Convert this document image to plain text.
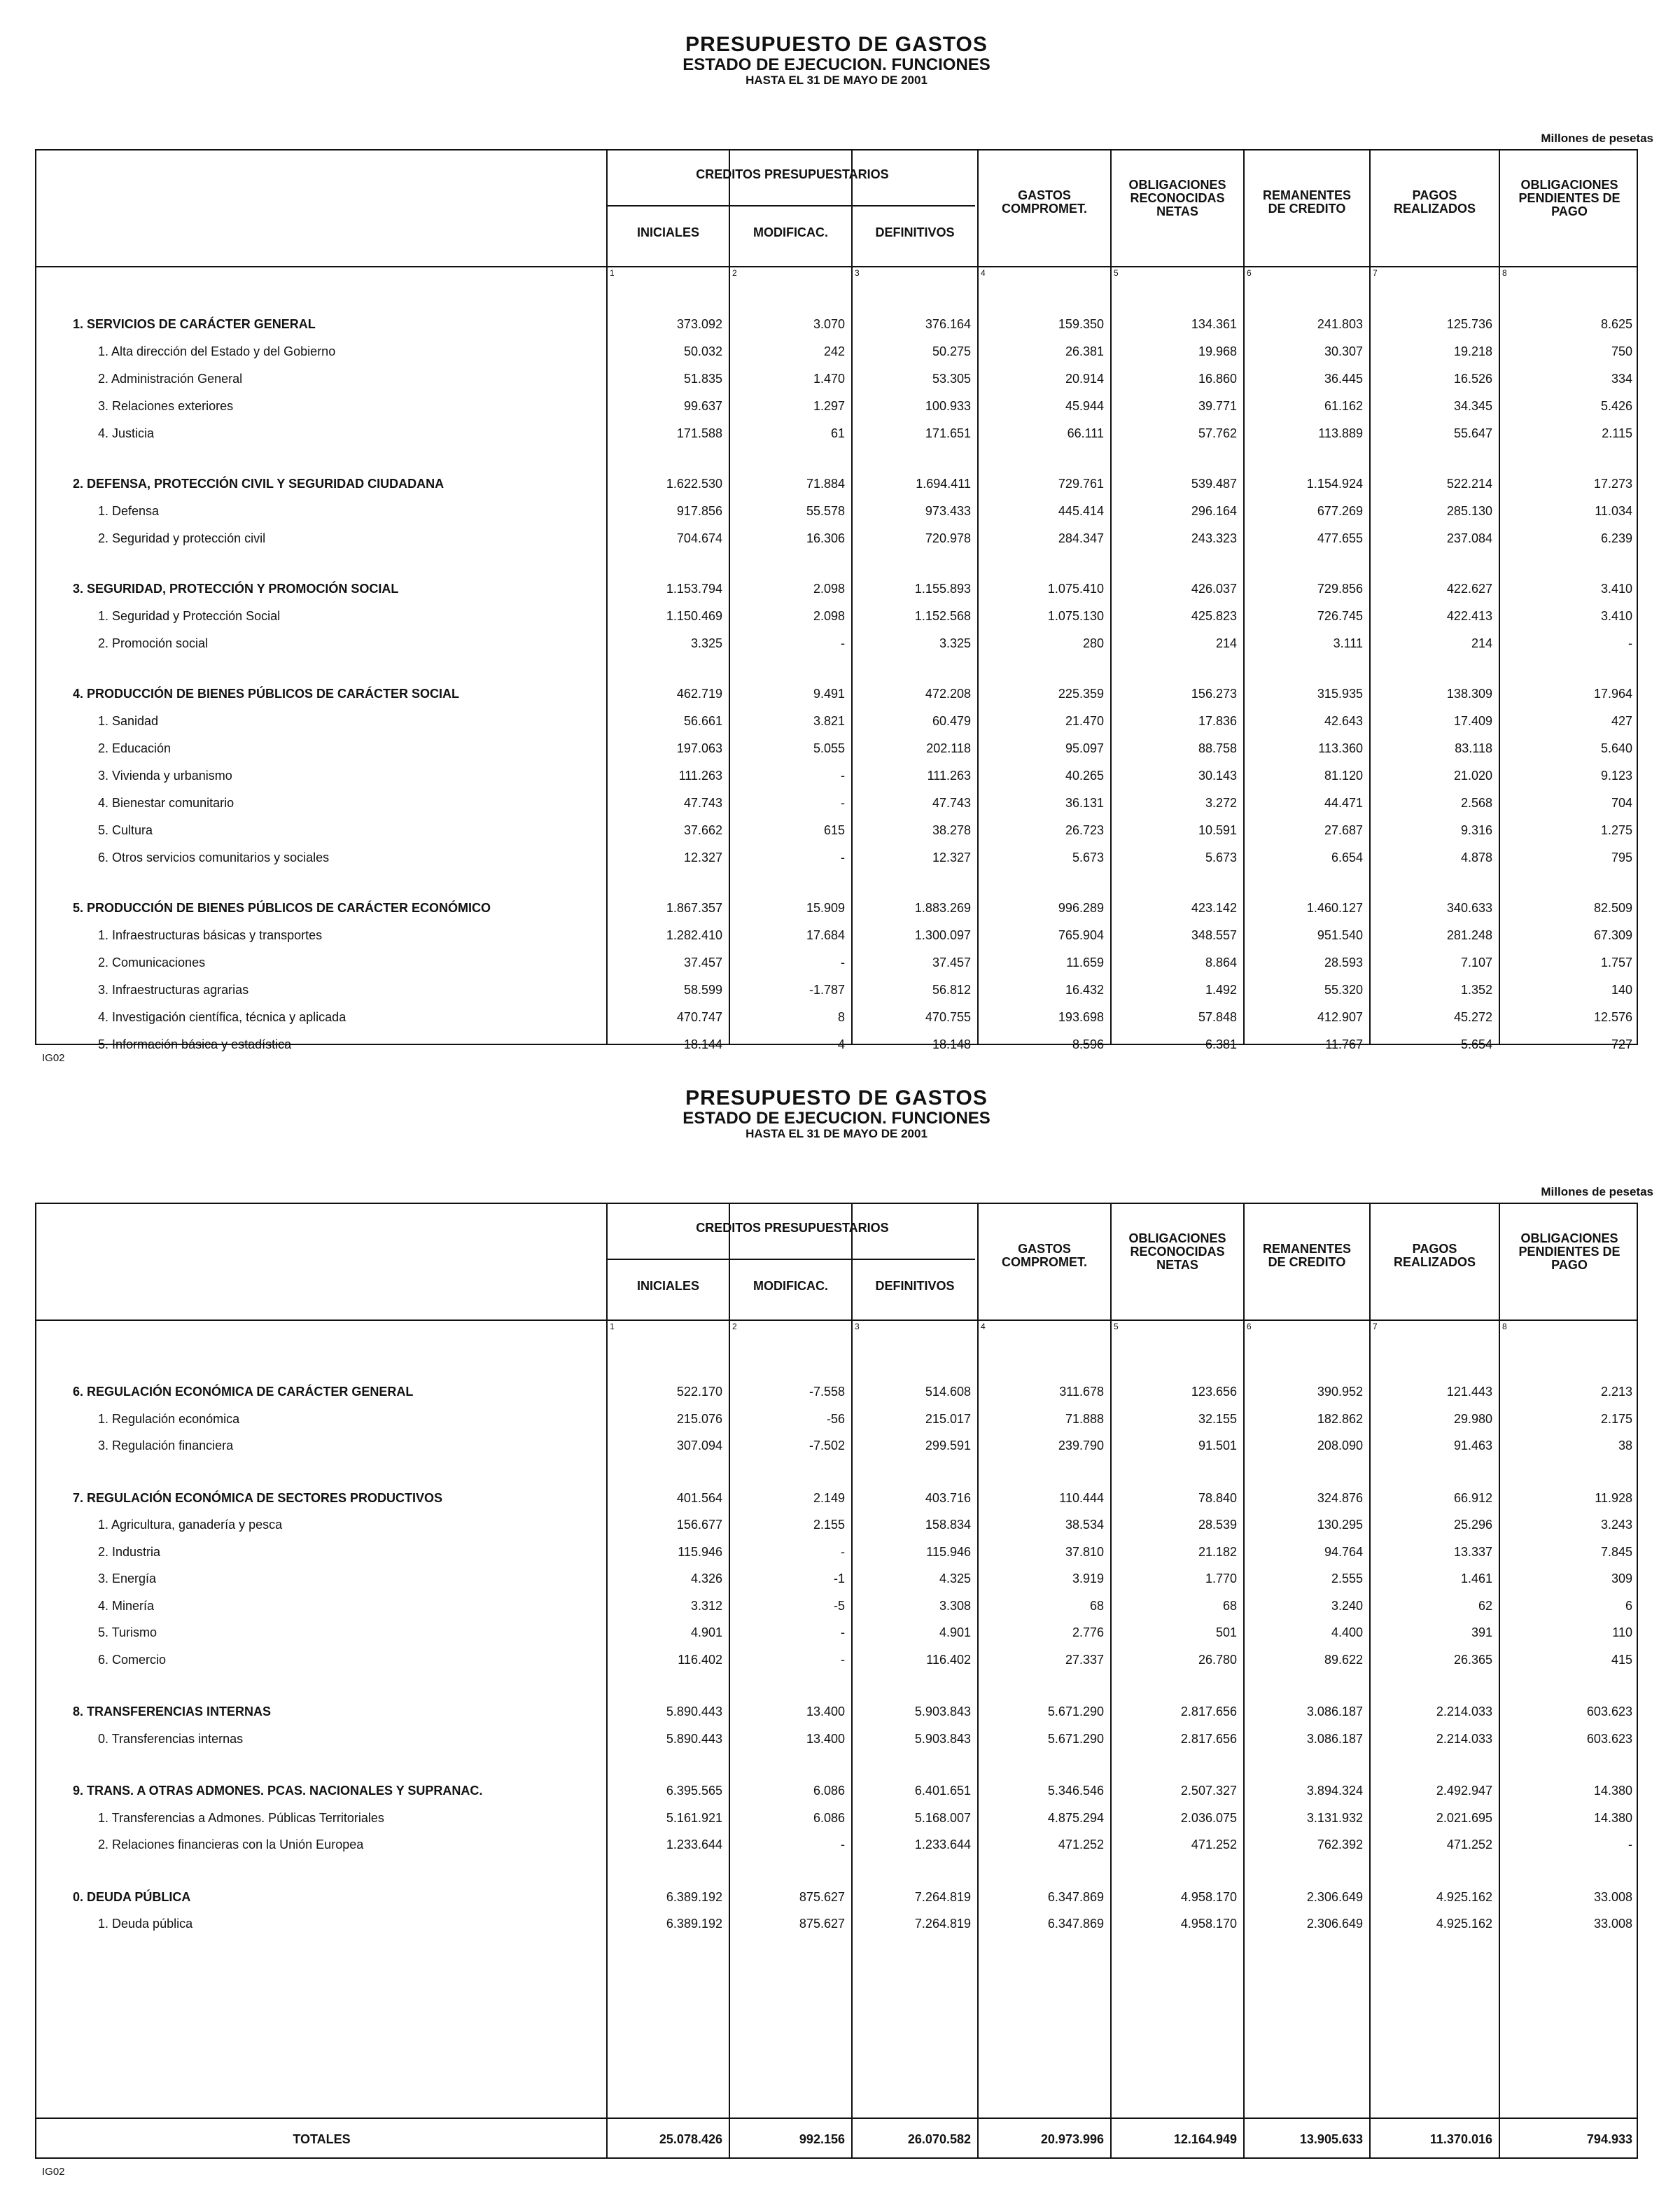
PRESUPUESTO DE GASTOS
ESTADO DE EJECUCION. FUNCIONES
HASTA EL 31 DE MAYO DE 2001
Millones de pesetas
CREDITOS PRESUPUESTARIOS
INICIALES	MODIFICAC.	DEFINITIVOS
GASTOS
COMPROMET.
OBLIGACIONES
RECONOCIDAS
NETAS
REMANENTES
DE CREDITO
PAGOS
REALIZADOS
OBLIGACIONES
PENDIENTES DE
PAGO
1	2	3	4	5	6	7	8
1. SERVICIOS DE CARÁCTER GENERAL	373.092	3.070	376.164	159.350	134.361	241.803	125.736	8.625
1. Alta dirección del Estado y del Gobierno	50.032	242	50.275	26.381	19.968	30.307	19.218	750
2. Administración General	51.835	1.470	53.305	20.914	16.860	36.445	16.526	334
3. Relaciones exteriores	99.637	1.297	100.933	45.944	39.771	61.162	34.345	5.426
4. Justicia	171.588	61	171.651	66.111	57.762	113.889	55.647	2.115
2. DEFENSA, PROTECCIÓN CIVIL Y SEGURIDAD CIUDADANA	1.622.530	71.884	1.694.411	729.761	539.487	1.154.924	522.214	17.273
1. Defensa	917.856	55.578	973.433	445.414	296.164	677.269	285.130	11.034
2. Seguridad y protección civil	704.674	16.306	720.978	284.347	243.323	477.655	237.084	6.239
3. SEGURIDAD, PROTECCIÓN Y PROMOCIÓN SOCIAL	1.153.794	2.098	1.155.893	1.075.410	426.037	729.856	422.627	3.410
1. Seguridad y Protección Social	1.150.469	2.098	1.152.568	1.075.130	425.823	726.745	422.413	3.410
2. Promoción social	3.325	-	3.325	280	214	3.111	214	-
4. PRODUCCIÓN DE BIENES PÚBLICOS DE CARÁCTER SOCIAL	462.719	9.491	472.208	225.359	156.273	315.935	138.309	17.964
1. Sanidad	56.661	3.821	60.479	21.470	17.836	42.643	17.409	427
2. Educación	197.063	5.055	202.118	95.097	88.758	113.360	83.118	5.640
3. Vivienda y urbanismo	111.263	-	111.263	40.265	30.143	81.120	21.020	9.123
4. Bienestar comunitario	47.743	-	47.743	36.131	3.272	44.471	2.568	704
5. Cultura	37.662	615	38.278	26.723	10.591	27.687	9.316	1.275
6. Otros servicios comunitarios y sociales	12.327	-	12.327	5.673	5.673	6.654	4.878	795
5. PRODUCCIÓN DE BIENES PÚBLICOS DE CARÁCTER ECONÓMICO	1.867.357	15.909	1.883.269	996.289	423.142	1.460.127	340.633	82.509
1. Infraestructuras básicas y transportes	1.282.410	17.684	1.300.097	765.904	348.557	951.540	281.248	67.309
2. Comunicaciones	37.457	-	37.457	11.659	8.864	28.593	7.107	1.757
3. Infraestructuras agrarias	58.599	-1.787	56.812	16.432	1.492	55.320	1.352	140
4. Investigación científica, técnica y aplicada	470.747	8	470.755	193.698	57.848	412.907	45.272	12.576
5. Información básica y estadística	18.144	4	18.148	8.596	6.381	11.767	5.654	727
IG02
PRESUPUESTO DE GASTOS
ESTADO DE EJECUCION. FUNCIONES
HASTA EL 31 DE MAYO DE 2001
Millones de pesetas
CREDITOS PRESUPUESTARIOS
INICIALES	MODIFICAC.	DEFINITIVOS
GASTOS
COMPROMET.
OBLIGACIONES
RECONOCIDAS
NETAS
REMANENTES
DE CREDITO
PAGOS
REALIZADOS
OBLIGACIONES
PENDIENTES DE
PAGO
1	2	3	4	5	6	7	8
6. REGULACIÓN ECONÓMICA DE CARÁCTER GENERAL	522.170	-7.558	514.608	311.678	123.656	390.952	121.443	2.213
1. Regulación económica	215.076	-56	215.017	71.888	32.155	182.862	29.980	2.175
3. Regulación financiera	307.094	-7.502	299.591	239.790	91.501	208.090	91.463	38
7. REGULACIÓN ECONÓMICA DE SECTORES PRODUCTIVOS	401.564	2.149	403.716	110.444	78.840	324.876	66.912	11.928
1. Agricultura, ganadería y pesca	156.677	2.155	158.834	38.534	28.539	130.295	25.296	3.243
2. Industria	115.946	-	115.946	37.810	21.182	94.764	13.337	7.845
3. Energía	4.326	-1	4.325	3.919	1.770	2.555	1.461	309
4. Minería	3.312	-5	3.308	68	68	3.240	62	6
5. Turismo	4.901	-	4.901	2.776	501	4.400	391	110
6. Comercio	116.402	-	116.402	27.337	26.780	89.622	26.365	415
8. TRANSFERENCIAS INTERNAS	5.890.443	13.400	5.903.843	5.671.290	2.817.656	3.086.187	2.214.033	603.623
0. Transferencias internas	5.890.443	13.400	5.903.843	5.671.290	2.817.656	3.086.187	2.214.033	603.623
9. TRANS. A OTRAS ADMONES. PCAS. NACIONALES Y SUPRANAC.	6.395.565	6.086	6.401.651	5.346.546	2.507.327	3.894.324	2.492.947	14.380
1. Transferencias a Admones. Públicas Territoriales	5.161.921	6.086	5.168.007	4.875.294	2.036.075	3.131.932	2.021.695	14.380
2. Relaciones financieras con la Unión Europea	1.233.644	-	1.233.644	471.252	471.252	762.392	471.252	-
0. DEUDA PÚBLICA	6.389.192	875.627	7.264.819	6.347.869	4.958.170	2.306.649	4.925.162	33.008
1. Deuda pública	6.389.192	875.627	7.264.819	6.347.869	4.958.170	2.306.649	4.925.162	33.008
TOTALES	25.078.426	992.156	26.070.582	20.973.996	12.164.949	13.905.633	11.370.016	794.933
IG02
